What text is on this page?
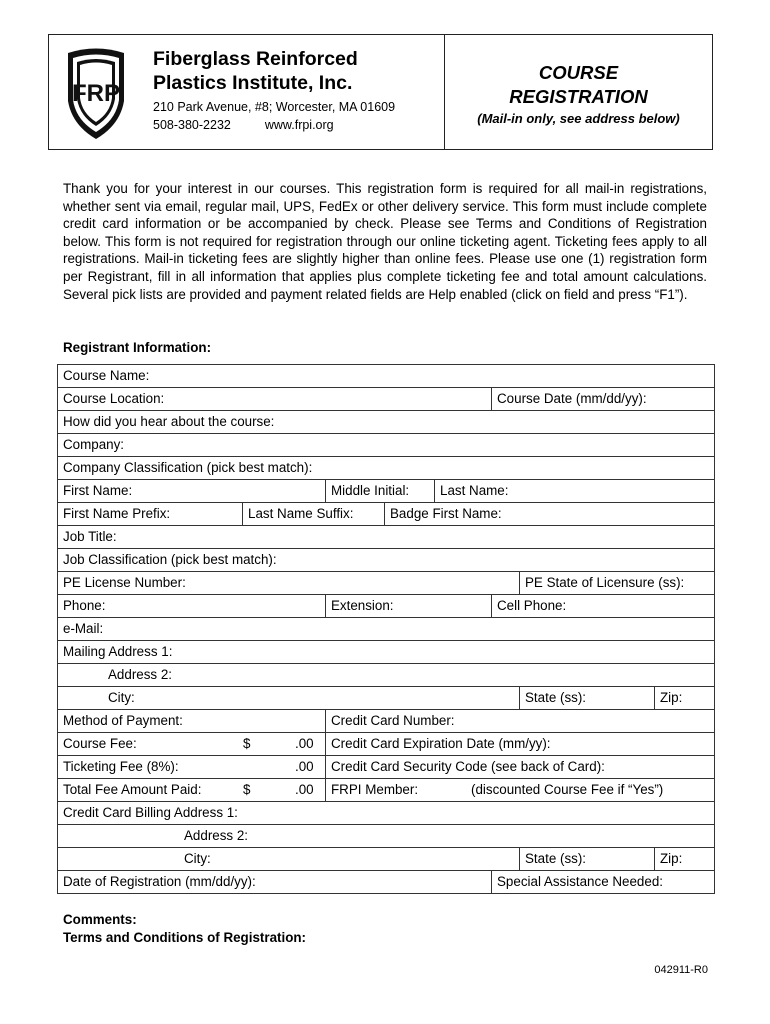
FRP
Fiberglass Reinforced
Plastics Institute, Inc.
210 Park Avenue, #8; Worcester, MA 01609
508-380-2232	www.frpi.org
COURSE
REGISTRATION
(Mail-in only, see address below)

Thank you for your interest in our courses. This registration form is required for all mail-in registrations, whether sent via email, regular mail, UPS, FedEx or other delivery service. This form must include complete credit card information or be accompanied by check. Please see Terms and Conditions of Registration below. This form is not required for registration through our online ticketing agent. Ticketing fees apply to all registrations. Mail-in ticketing fees are slightly higher than online fees. Please use one (1) registration form per Registrant, fill in all information that applies plus complete ticketing fee and total amount calculations. Several pick lists are provided and payment related fields are Help enabled (click on field and press “F1”).

Registrant Information:
Course Name:							
Course Location:					Course Date (mm/dd/yy):		
How did you hear about the course:							
Company:							
Company Classification (pick best match):							
First Name:		Middle Initial:		Last Name:			
First Name Prefix:	Last Name Suffix:		Badge First Name:				
Job Title:							
Job Classification (pick best match):							
PE License Number:						PE State of Licensure (ss):	
Phone:		Extension:			Cell Phone:		
e-Mail:							
Mailing Address 1:							
Address 2:							
City:						State (ss):	Zip:
Method of Payment:		Credit Card Number:					
Course Fee: $ .00		Credit Card Expiration Date (mm/yy):					
Ticketing Fee (8%): .00		Credit Card Security Code (see back of Card):					
Total Fee Amount Paid: $ .00		FRPI Member: (discounted Course Fee if “Yes”)					
Credit Card Billing Address 1:							
Address 2:							
City:						State (ss):	Zip:
Date of Registration (mm/dd/yy):					Special Assistance Needed:		
Comments:
Terms and Conditions of Registration:
042911-R0
